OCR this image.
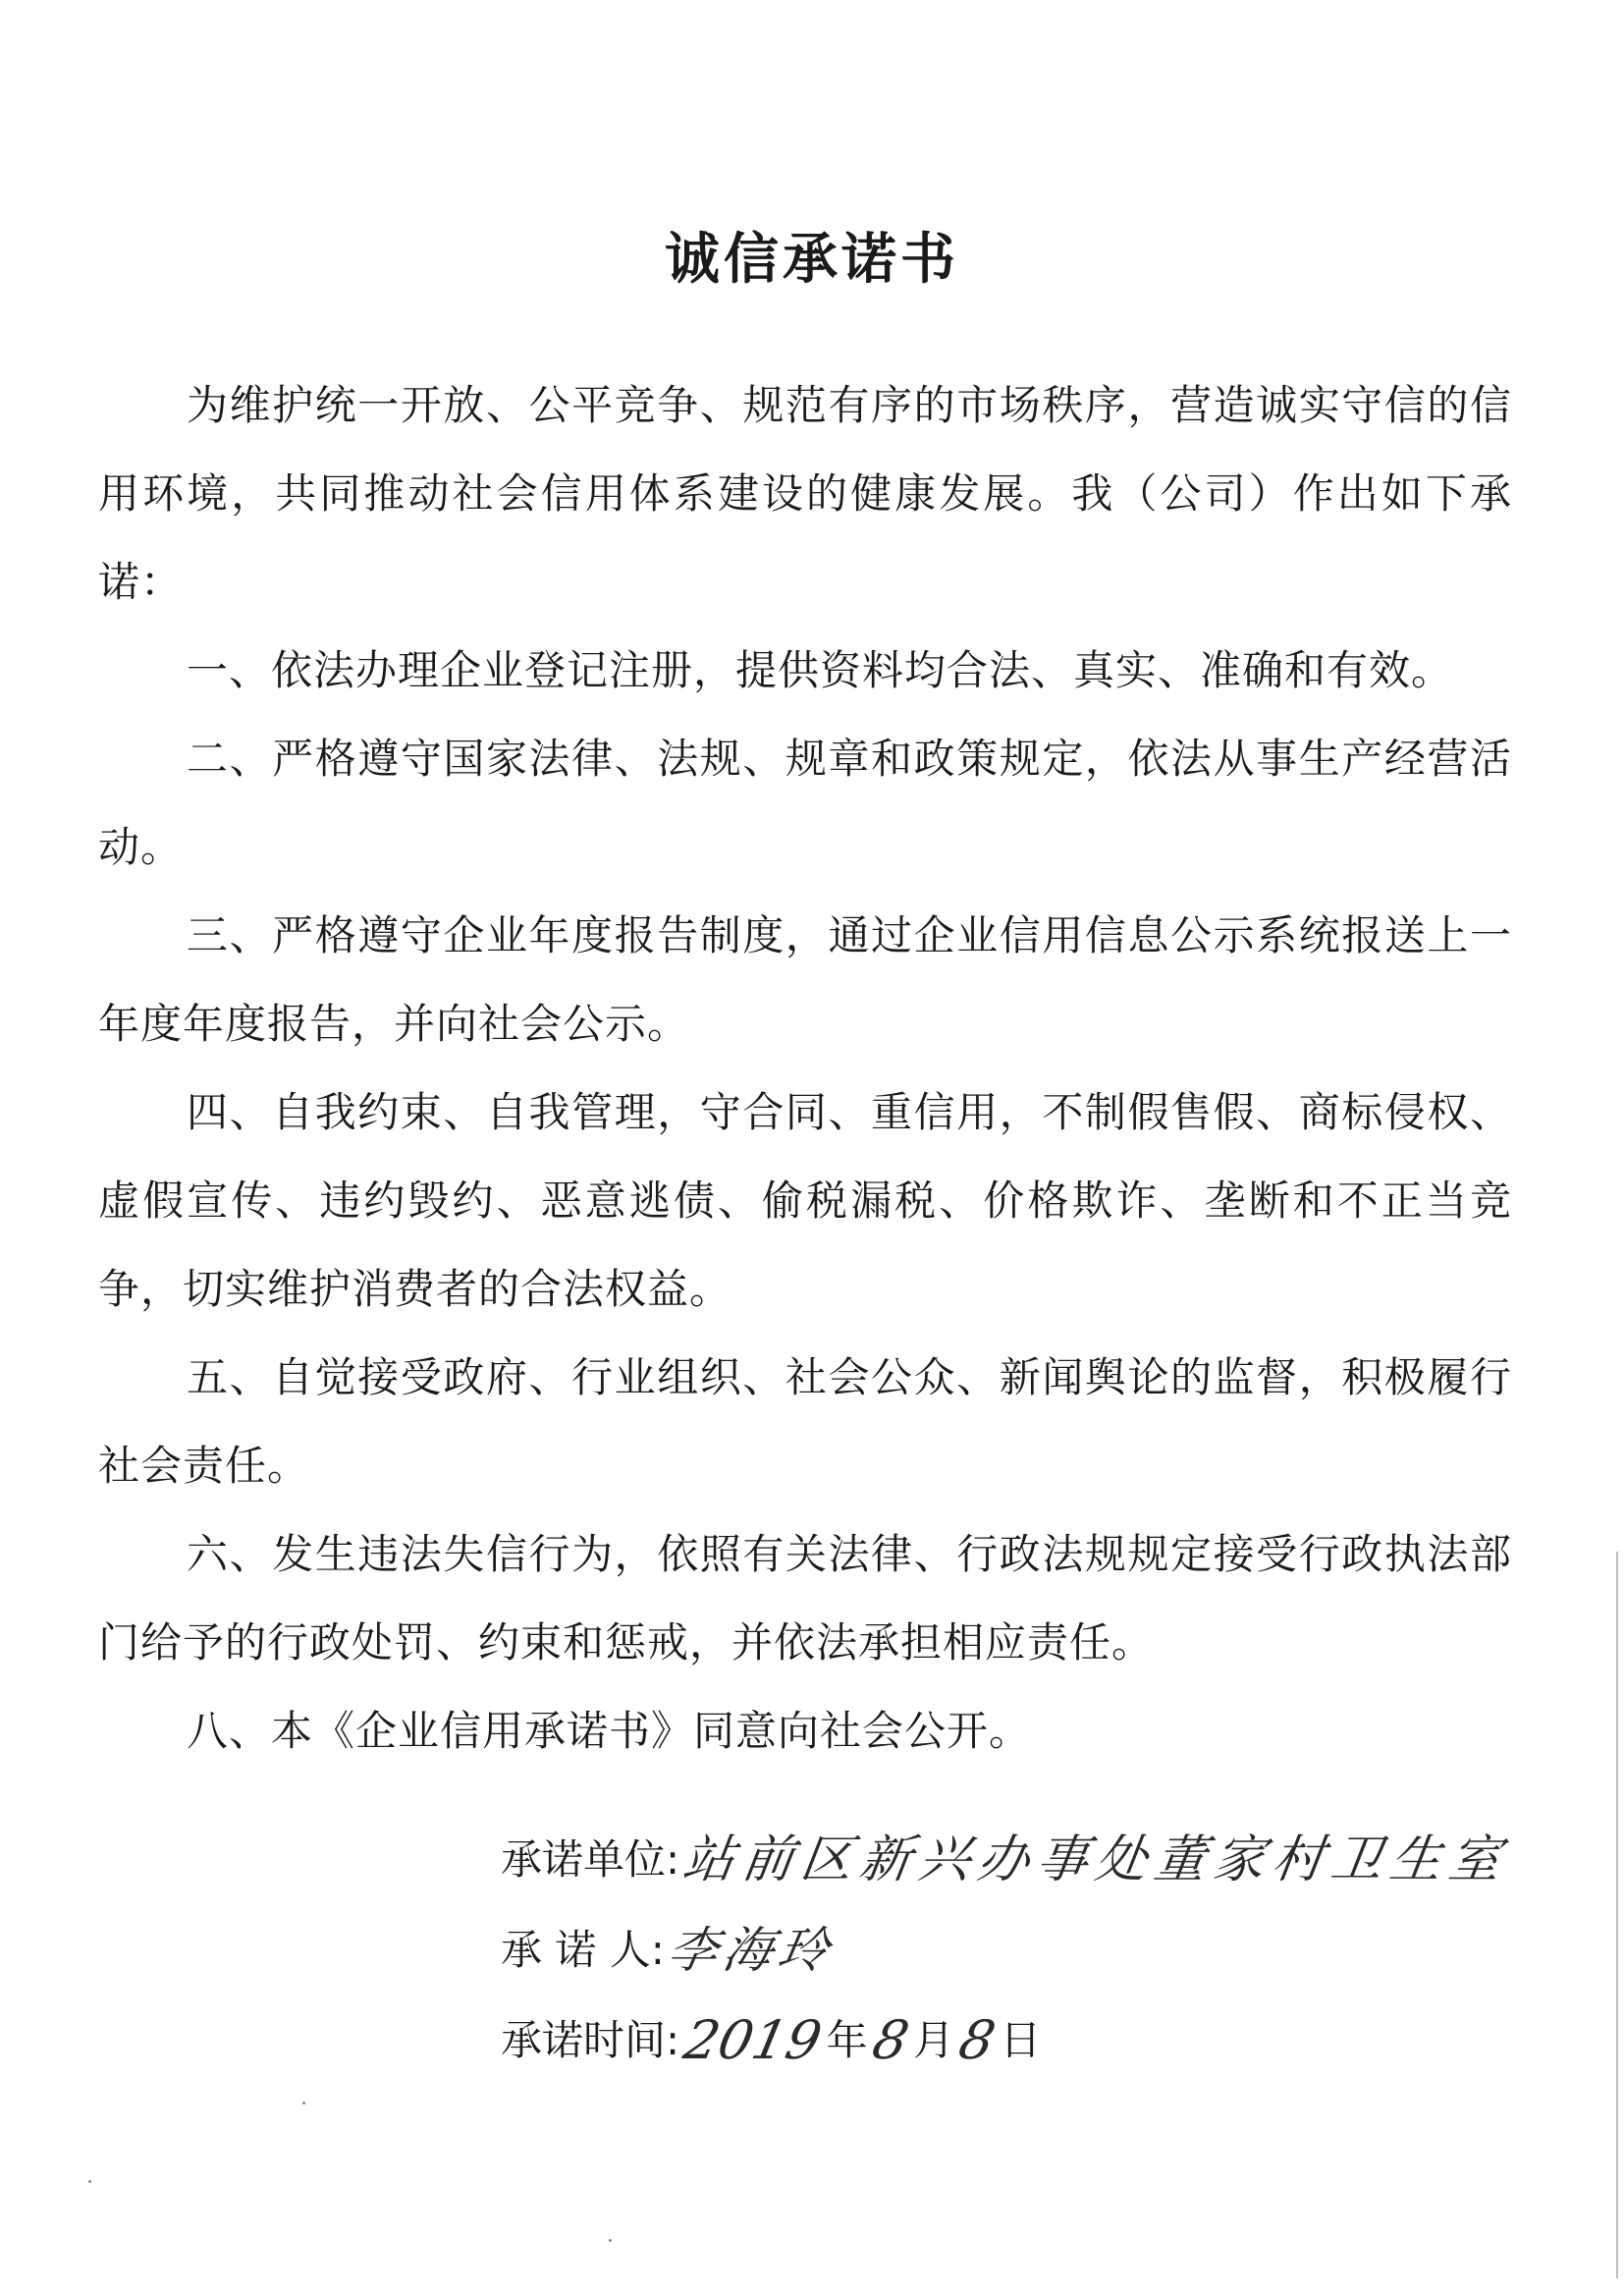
诚信承诺书

为维护统一开放、公平竞争、规范有序的市场秩序，营造诚实守信的信用环境，共同推动社会信用体系建设的健康发展。我（公司）作出如下承诺：

一、依法办理企业登记注册，提供资料均合法、真实、准确和有效。

二、严格遵守国家法律、法规、规章和政策规定，依法从事生产经营活动。

三、严格遵守企业年度报告制度，通过企业信用信息公示系统报送上一年度年度报告，并向社会公示。

四、自我约束、自我管理，守合同、重信用，不制假售假、商标侵权、虚假宣传、违约毁约、恶意逃债、偷税漏税、价格欺诈、垄断和不正当竞争，切实维护消费者的合法权益。

五、自觉接受政府、行业组织、社会公众、新闻舆论的监督，积极履行社会责任。

六、发生违法失信行为，依照有关法律、行政法规规定接受行政执法部门给予的行政处罚、约束和惩戒，并依法承担相应责任。

八、本《企业信用承诺书》同意向社会公开。

承诺单位:站前区新兴办事处董家村卫生室
承 诺 人:李海玲
承诺时间:2019年8月8日
